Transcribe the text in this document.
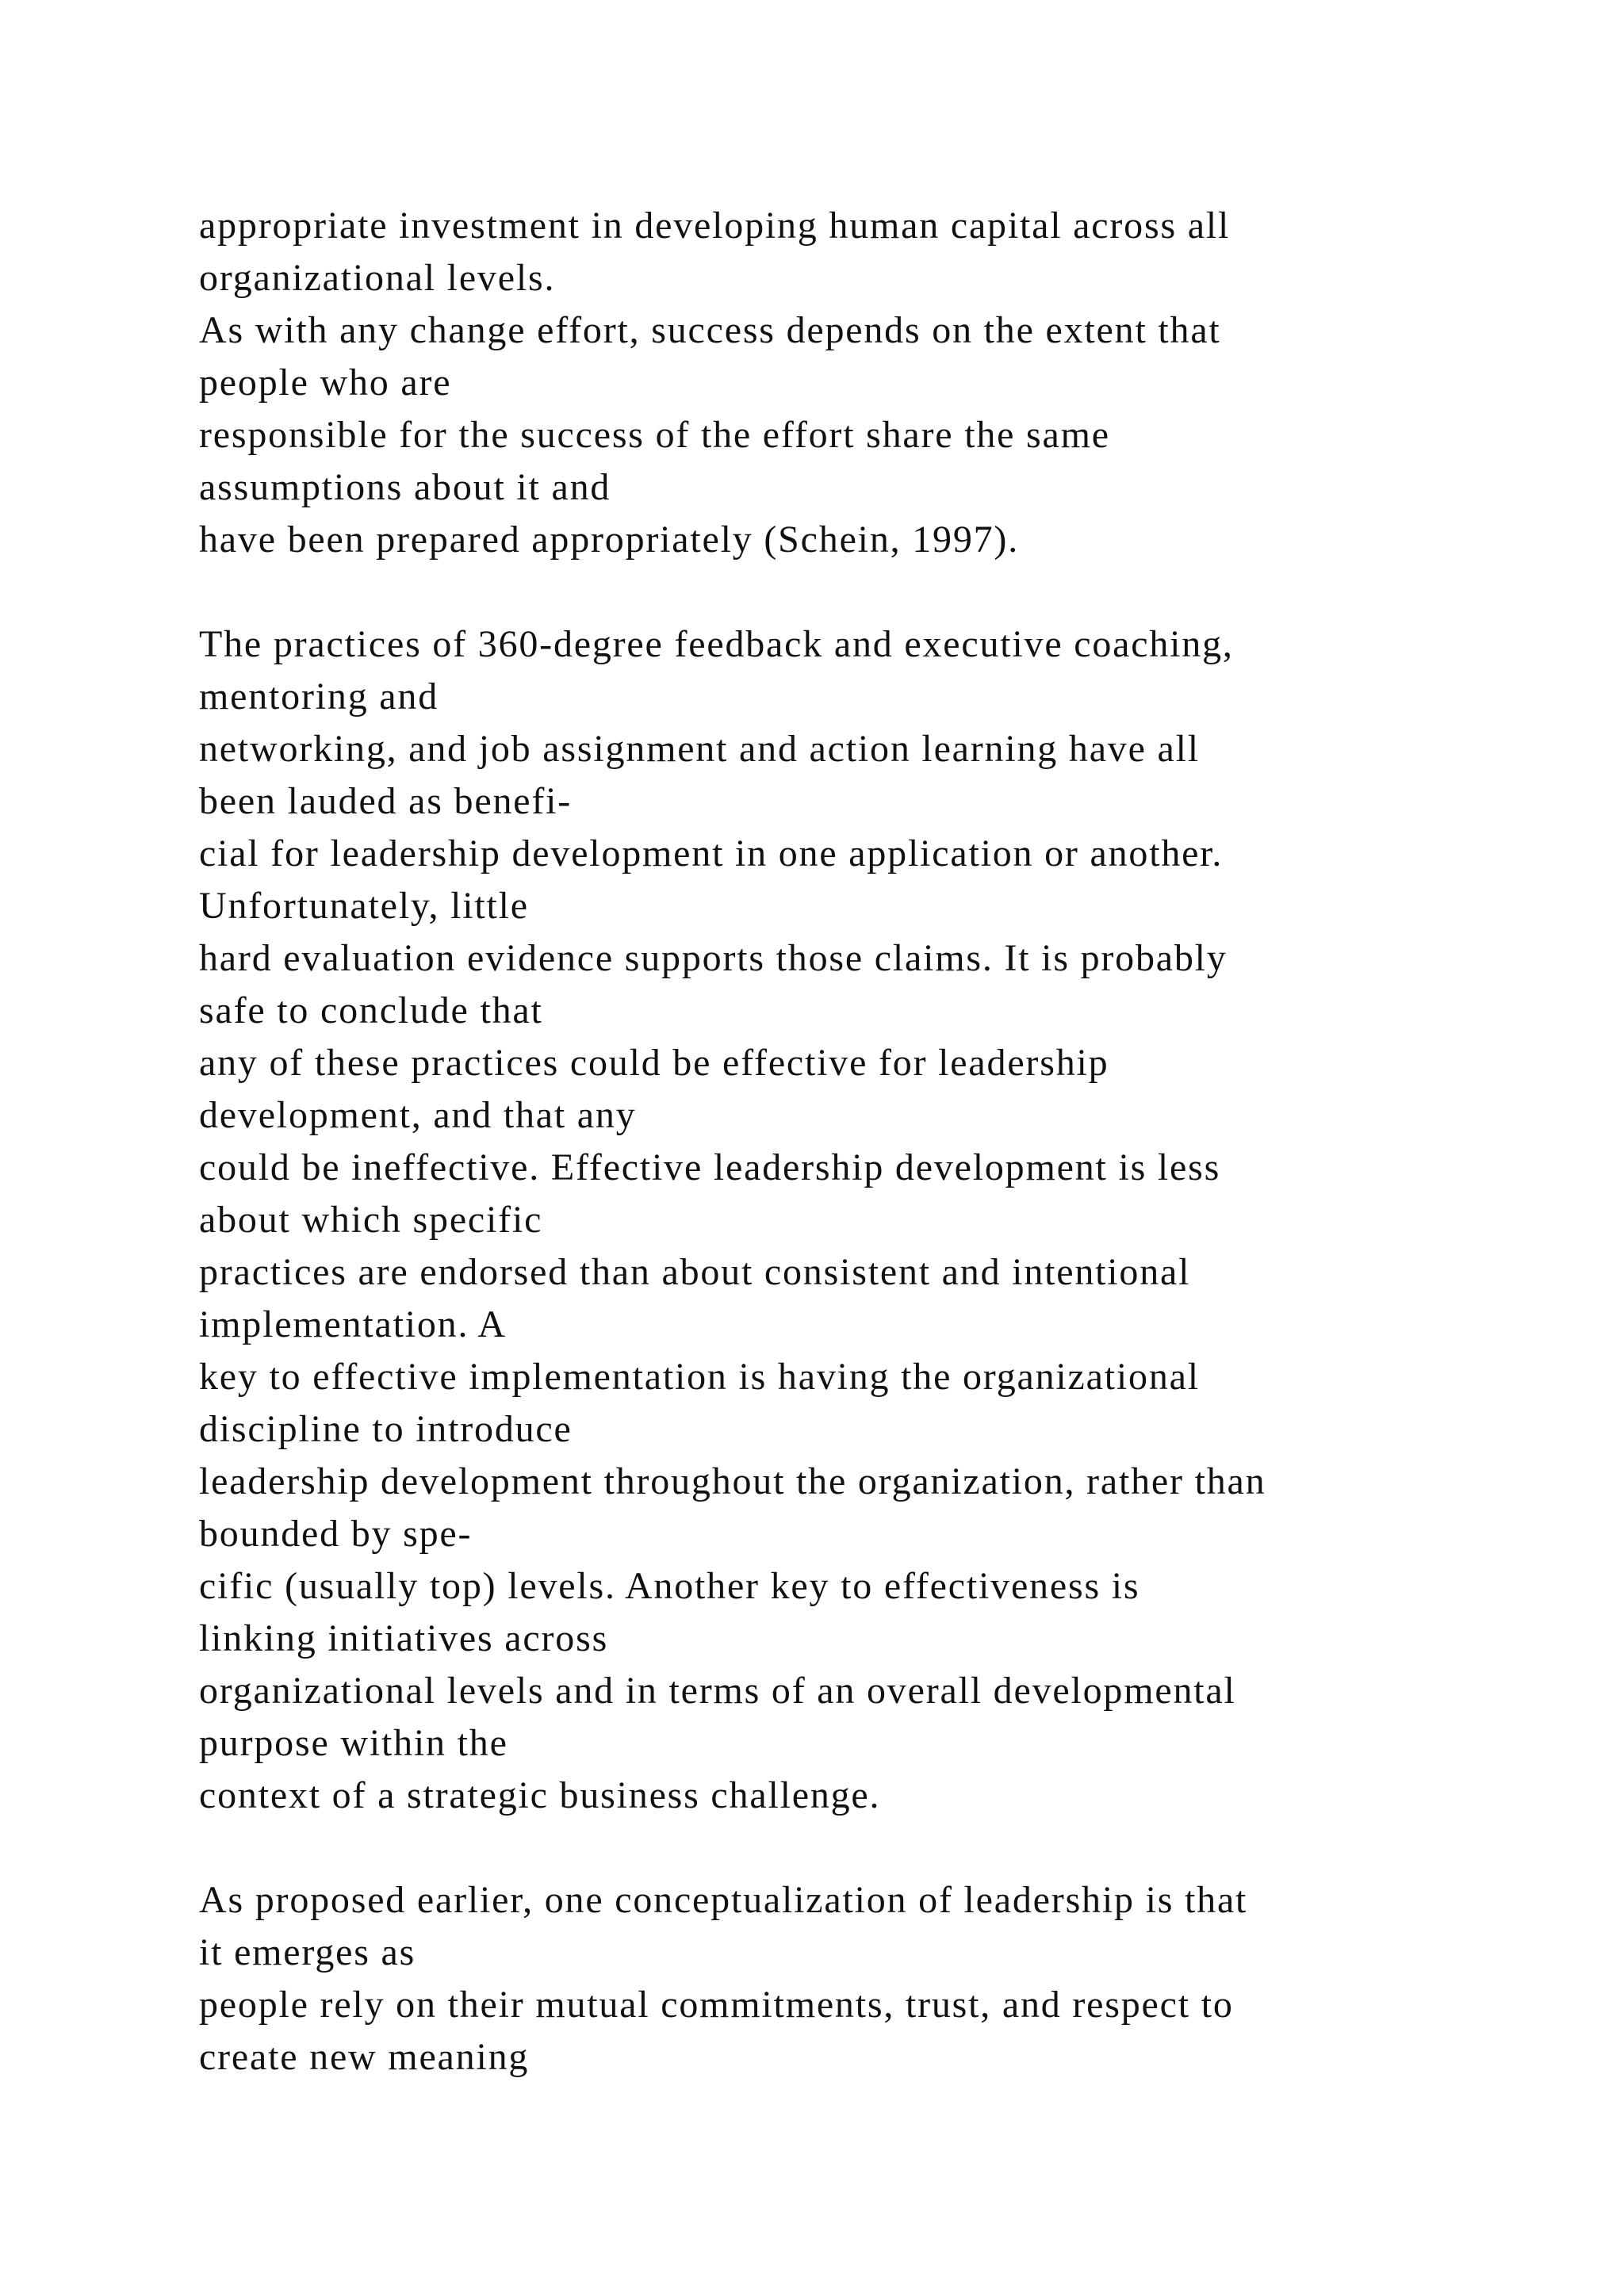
appropriate investment in developing human capital across all
organizational levels.
As with any change effort, success depends on the extent that
people who are
responsible for the success of the effort share the same
assumptions about it and
have been prepared appropriately (Schein, 1997).
The practices of 360-degree feedback and executive coaching,
mentoring and
networking, and job assignment and action learning have all
been lauded as benefi-
cial for leadership development in one application or another.
Unfortunately, little
hard evaluation evidence supports those claims. It is probably
safe to conclude that
any of these practices could be effective for leadership
development, and that any
could be ineffective. Effective leadership development is less
about which specific
practices are endorsed than about consistent and intentional
implementation. A
key to effective implementation is having the organizational
discipline to introduce
leadership development throughout the organization, rather than
bounded by spe-
cific (usually top) levels. Another key to effectiveness is
linking initiatives across
organizational levels and in terms of an overall developmental
purpose within the
context of a strategic business challenge.
As proposed earlier, one conceptualization of leadership is that
it emerges as
people rely on their mutual commitments, trust, and respect to
create new meaning
